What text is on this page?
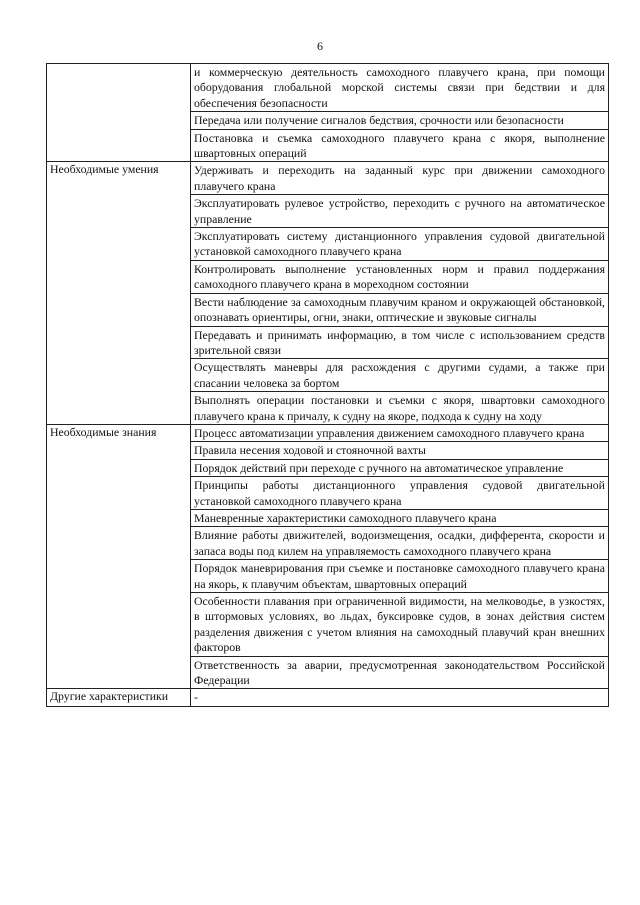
6
	и коммерческую деятельность самоходного плавучего крана, при помощи оборудования глобальной морской системы связи при бедствии и для обеспечения безопасности
	Передача или получение сигналов бедствия, срочности или безопасности
	Постановка и съемка самоходного плавучего крана с якоря, выполнение швартовных операций
Необходимые умения	Удерживать и переходить на заданный курс при движении самоходного плавучего крана
	Эксплуатировать рулевое устройство, переходить с ручного на автоматическое управление
	Эксплуатировать систему дистанционного управления судовой двигательной установкой самоходного плавучего крана
	Контролировать выполнение установленных норм и правил поддержания самоходного плавучего крана в мореходном состоянии
	Вести наблюдение за самоходным плавучим краном и окружающей обстановкой, опознавать ориентиры, огни, знаки, оптические и звуковые сигналы
	Передавать и принимать информацию, в том числе с использованием средств зрительной связи
	Осуществлять маневры для расхождения с другими судами, а также при спасании человека за бортом
	Выполнять операции постановки и съемки с якоря, швартовки самоходного плавучего крана к причалу, к судну на якоре, подхода к судну на ходу
Необходимые знания	Процесс автоматизации управления движением самоходного плавучего крана
	Правила несения ходовой и стояночной вахты
	Порядок действий при переходе с ручного на автоматическое управление
	Принципы работы дистанционного управления судовой двигательной установкой самоходного плавучего крана
	Маневренные характеристики самоходного плавучего крана
	Влияние работы движителей, водоизмещения, осадки, дифферента, скорости и запаса воды под килем на управляемость самоходного плавучего крана
	Порядок маневрирования при съемке и постановке самоходного плавучего крана на якорь, к плавучим объектам, швартовных операций
	Особенности плавания при ограниченной видимости, на мелководье, в узкостях, в штормовых условиях, во льдах, буксировке судов, в зонах действия систем разделения движения с учетом влияния на самоходный плавучий кран внешних факторов
	Ответственность за аварии, предусмотренная законодательством Российской Федерации
Другие характеристики	-
